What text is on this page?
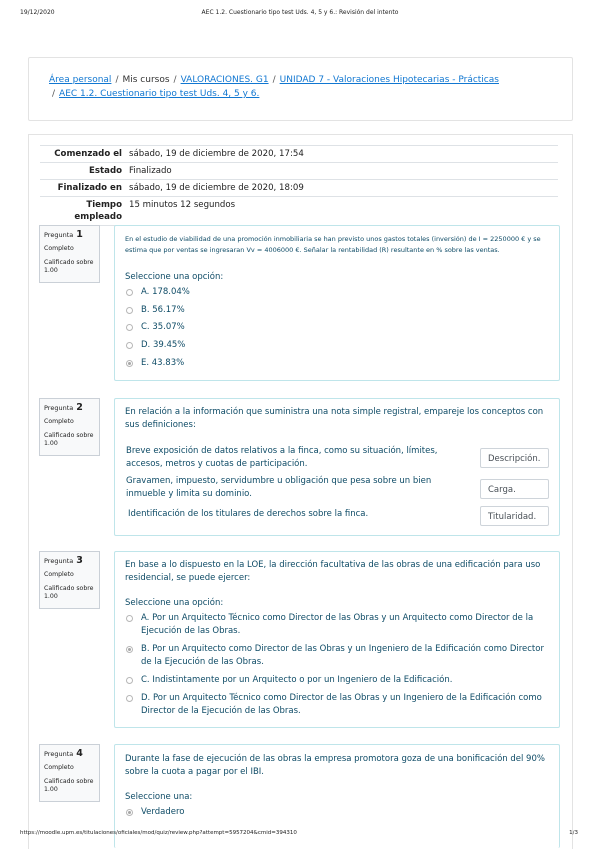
19/12/2020	AEC 1.2. Cuestionario tipo test Uds. 4, 5 y 6.: Revisión del intento
Área personal / Mis cursos / VALORACIONES. G1 / UNIDAD 7 - Valoraciones Hipotecarias - Prácticas
/ AEC 1.2. Cuestionario tipo test Uds. 4, 5 y 6.
Comenzado el sábado, 19 de diciembre de 2020, 17:54
Estado Finalizado
Finalizado en sábado, 19 de diciembre de 2020, 18:09
Tiempo empleado
15 minutos 12 segundos
Pregunta 1
Completo
Calificado sobre
1.00
En el estudio de viabilidad de una promoción inmobiliaria se han previsto unos gastos totales (inversión) de I = 2250000 € y se estima que por ventas se ingresaran Vv = 4006000 €. Señalar la rentabilidad (R) resultante en % sobre las ventas.
Seleccione una opción:
A. 178.04%
B. 56.17%
C. 35.07%
D. 39.45%
E. 43.83%
Pregunta 2
Completo
Calificado sobre
1.00
En relación a la información que suministra una nota simple registral, empareje los conceptos con sus definiciones:
Breve exposición de datos relativos a la finca, como su situación, límites, accesos, metros y cuotas de participación.	Descripción.
Gravamen, impuesto, servidumbre u obligación que pesa sobre un bien inmueble y limita su dominio.	Carga.
Identificación de los titulares de derechos sobre la finca.	Titularidad.
Pregunta 3
Completo
Calificado sobre
1.00
En base a lo dispuesto en la LOE, la dirección facultativa de las obras de una edificación para uso residencial, se puede ejercer:
Seleccione una opción:
A. Por un Arquitecto Técnico como Director de las Obras y un Arquitecto como Director de la Ejecución de las Obras.
B. Por un Arquitecto como Director de las Obras y un Ingeniero de la Edificación como Director de la Ejecución de las Obras.
C. Indistintamente por un Arquitecto o por un Ingeniero de la Edificación.
D. Por un Arquitecto Técnico como Director de las Obras y un Ingeniero de la Edificación como Director de la Ejecución de las Obras.
Pregunta 4
Completo
Calificado sobre
1.00
Durante la fase de ejecución de las obras la empresa promotora goza de una bonificación del 90% sobre la cuota a pagar por el IBI.
Seleccione una:
Verdadero
https://moodle.upm.es/titulaciones/oficiales/mod/quiz/review.php?attempt=5957204&cmid=394310	1/3
